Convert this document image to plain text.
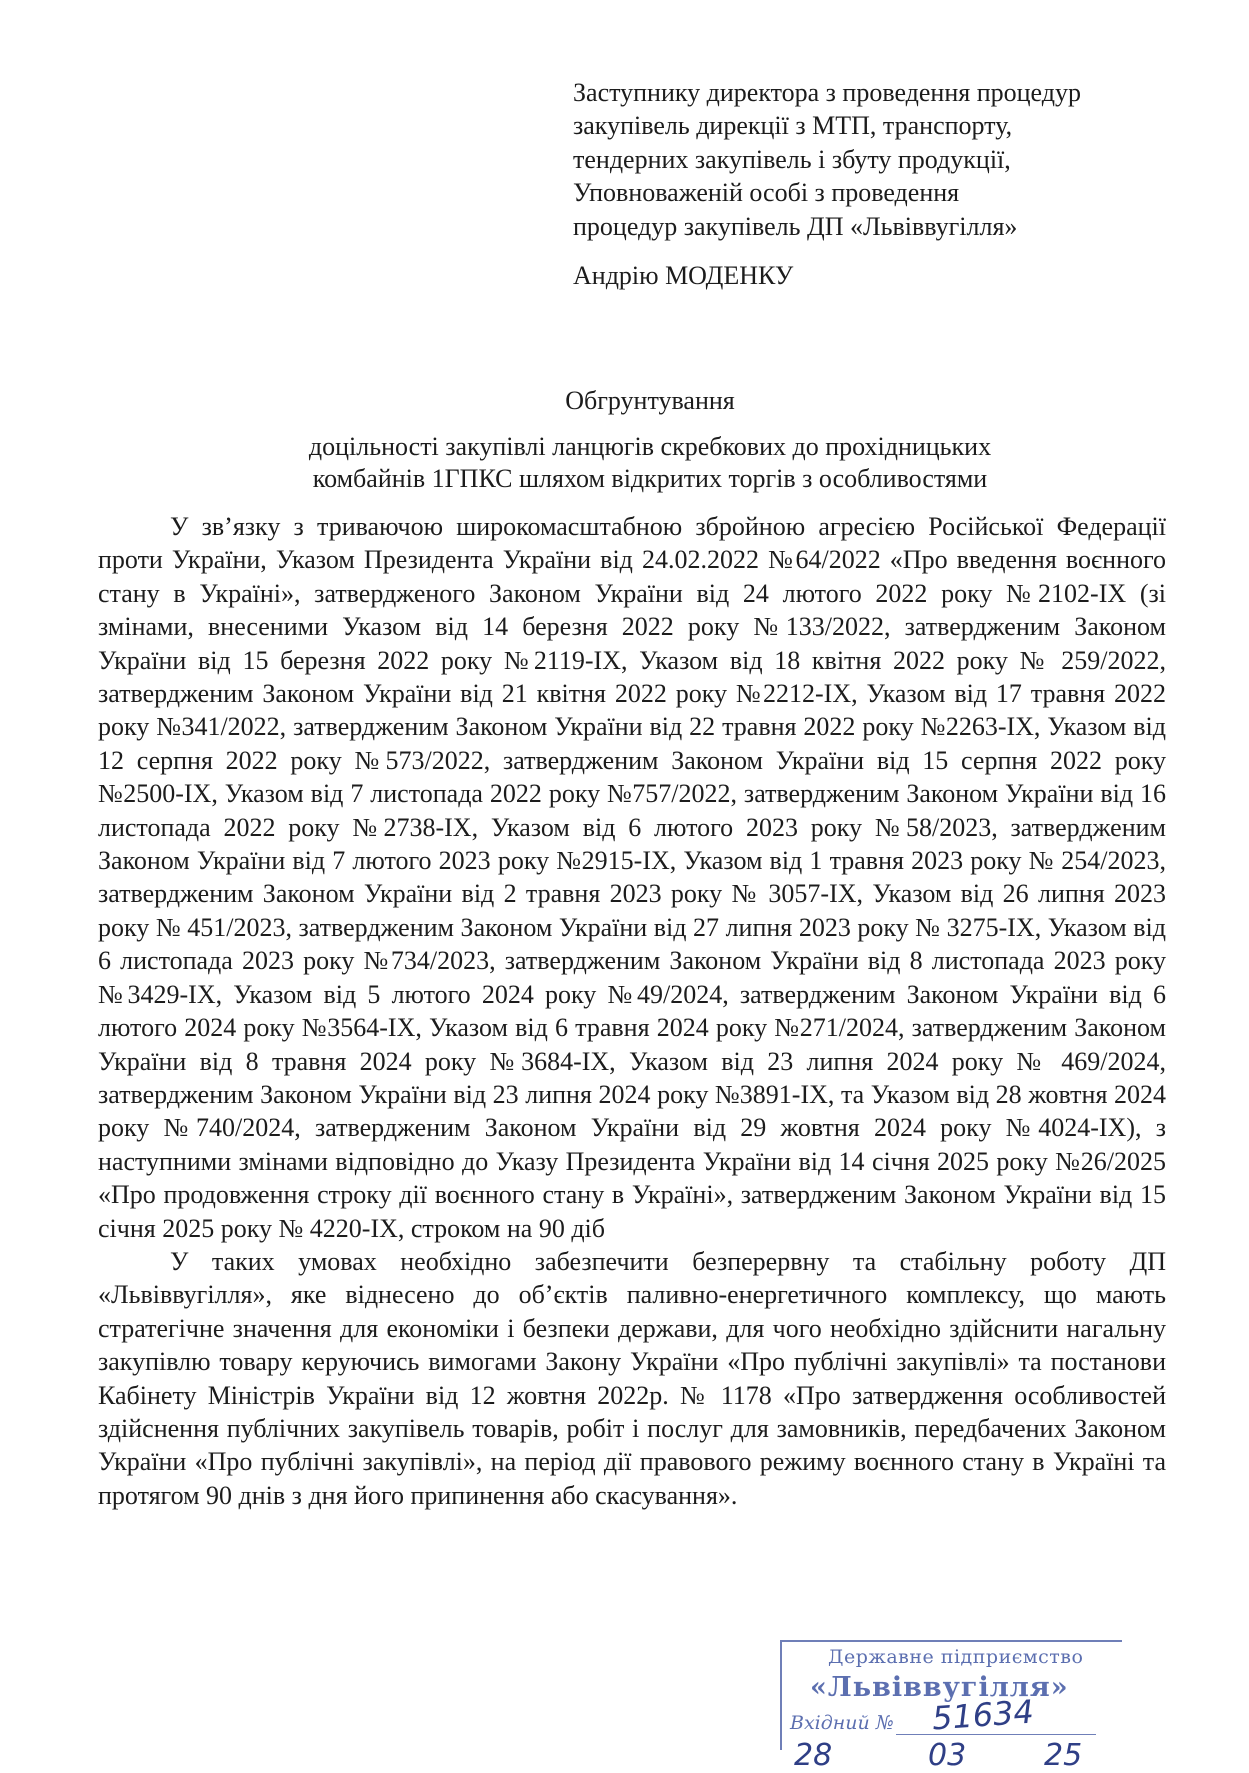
Заступнику директора з проведення процедур
закупівель дирекції з МТП, транспорту,
тендерних закупівель і збуту продукції,
Уповноваженій особі з проведення
процедур закупівель ДП «Львіввугілля»
Андрію МОДЕНКУ
Обгрунтування
доцільності закупівлі ланцюгів скребкових до прохідницьких
комбайнів 1ГПКС шляхом відкритих торгів з особливостями

У зв’язку з триваючою широкомасштабною збройною агресією Російської Федерації проти України, Указом Президента України від 24.02.2022 №64/2022 «Про введення воєнного стану в Україні», затвердженого Законом України від 24 лютого 2022 року №2102-IX (зі змінами, внесеними Указом від 14 березня 2022 року №133/2022, затвердженим Законом України від 15 березня 2022 року №2119-IX, Указом від 18 квітня 2022 року № 259/2022, затвердженим Законом України від 21 квітня 2022 року №2212-IX, Указом від 17 травня 2022 року №341/2022, затвердженим Законом України від 22 травня 2022 року №2263-IX, Указом від 12 серпня 2022 року №573/2022, затвердженим Законом України від 15 серпня 2022 року №2500-IX, Указом від 7 листопада 2022 року №757/2022, затвердженим Законом України від 16 листопада 2022 року №2738-IX, Указом від 6 лютого 2023 року №58/2023, затвердженим Законом України від 7 лютого 2023 року №2915-IX, Указом від 1 травня 2023 року № 254/2023, затвердженим Законом України від 2 травня 2023 року № 3057-IX, Указом від 26 липня 2023 року № 451/2023, затвердженим Законом України від 27 липня 2023 року № 3275-IX, Указом від 6 листопада 2023 року №734/2023, затвердженим Законом України від 8 листопада 2023 року №3429-IX, Указом від 5 лютого 2024 року №49/2024, затвердженим Законом України від 6 лютого 2024 року №3564-IX, Указом від 6 травня 2024 року №271/2024, затвердженим Законом України від 8 травня 2024 року №3684-IX, Указом від 23 липня 2024 року № 469/2024, затвердженим Законом України від 23 липня 2024 року №3891-IX, та Указом від 28 жовтня 2024 року №740/2024, затвердженим Законом України від 29 жовтня 2024 року №4024-IX), з наступними змінами відповідно до Указу Президента України від 14 січня 2025 року №26/2025 «Про продовження строку дії воєнного стану в Україні», затвердженим Законом України від 15 січня 2025 року № 4220-IX, строком на 90 діб

У таких умовах необхідно забезпечити безперервну та стабільну роботу ДП «Львіввугілля», яке віднесено до об’єктів паливно-енергетичного комплексу, що мають стратегічне значення для економіки і безпеки держави, для чого необхідно здійснити нагальну закупівлю товару керуючись вимогами Закону України «Про публічні закупівлі» та постанови Кабінету Міністрів України від 12 жовтня 2022р. № 1178 «Про затвердження особливостей здійснення публічних закупівель товарів, робіт і послуг для замовників, передбачених Законом України «Про публічні закупівлі», на період дії правового режиму воєнного стану в Україні та протягом 90 днів з дня його припинення або скасування».

Державне підприємство
«Львіввугілля»
Вхідний № 51634
28	03	25
